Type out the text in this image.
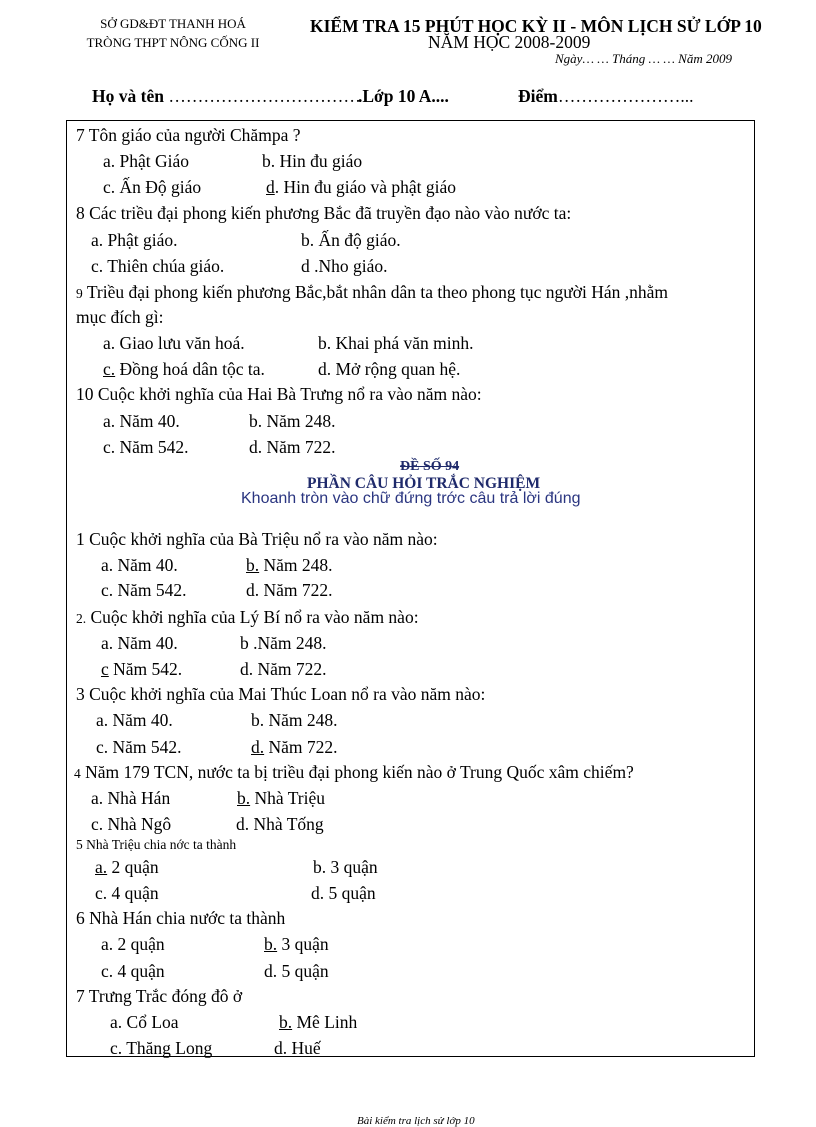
SỞ GD&ĐT THANH HOÁ
TRÒNG THPT NÔNG CỐNG II
KIỂM TRA 15 PHÚT HỌC KỲ II - MÔN LỊCH SỬ LỚP 10
NĂM HỌC 2008-2009
Ngày… … Tháng … … Năm 2009
Họ và tên ……………………………
.Lớp 10 A....	Điểm…………………...
7 Tôn giáo của người Chămpa ?
a. Phật Giáo	b. Hin đu giáo
c. Ấn Độ giáo	d. Hin đu giáo và phật giáo
8 Các triều đại phong kiến phương Bắc đã truyền đạo nào vào nước ta:
a. Phật giáo.	b. Ấn độ giáo.
c. Thiên chúa giáo.	d .Nho giáo.
9 Triều đại phong kiến phương Bắc,bắt nhân dân ta theo phong tục người Hán ,nhằm
mục đích gì:
a. Giao lưu văn hoá.	b. Khai phá văn minh.
c. Đồng hoá dân tộc ta.	d. Mở rộng quan hệ.
10 Cuộc khởi nghĩa của Hai Bà Trưng nổ ra vào năm nào:
a. Năm 40.	b. Năm 248.
c. Năm 542.	d. Năm 722.
ĐỀ SỐ 94
PHẦN CÂU HỎI TRẮC NGHIỆM
Khoanh tròn vào chữ đứng trớc câu trả lời đúng
1 Cuộc khởi nghĩa của Bà Triệu nổ ra vào năm nào:
a. Năm 40.	b. Năm 248.
c. Năm 542.	d. Năm 722.
2. Cuộc khởi nghĩa của Lý Bí nổ ra vào năm nào:
a. Năm 40.	b .Năm 248.
c Năm 542.	d. Năm 722.
3 Cuộc khởi nghĩa của Mai Thúc Loan nổ ra vào năm nào:
a. Năm 40.	b. Năm 248.
c. Năm 542.	d. Năm 722.
4 Năm 179 TCN, nước ta bị triều đại phong kiến nào ở Trung Quốc xâm chiếm?
a. Nhà Hán	b. Nhà Triệu
c. Nhà Ngô	d. Nhà Tống
5 Nhà Triệu chia nớc ta thành
a. 2 quận	b. 3 quận
c. 4 quận	d. 5 quận
6 Nhà Hán chia nước ta thành
a. 2 quận	b. 3 quận
c. 4 quận	d. 5 quận
7 Trưng Trắc đóng đô ở
a. Cổ Loa	b. Mê Linh
c. Thăng Long	d. Huế
Bài kiểm tra lịch sử lớp 10
